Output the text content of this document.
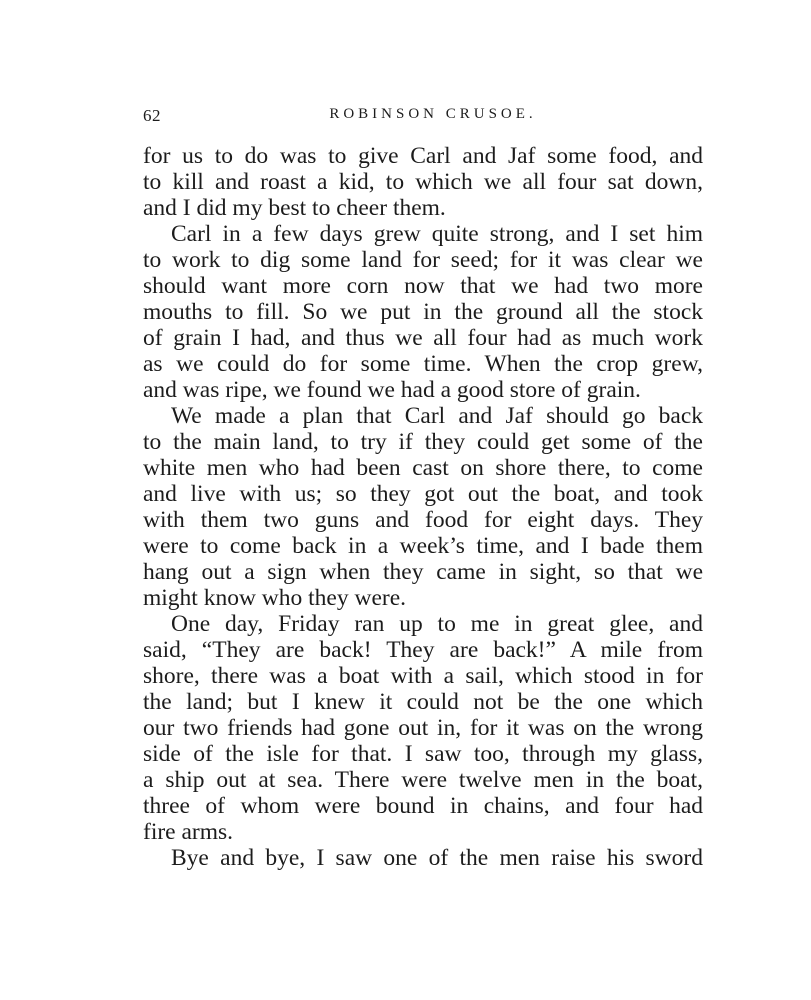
62	ROBINSON CRUSOE.
for us to do was to give Carl and Jaf some food, and
to kill and roast a kid, to which we all four sat down,
and I did my best to cheer them.
Carl in a few days grew quite strong, and I set him
to work to dig some land for seed; for it was clear we
should want more corn now that we had two more
mouths to fill. So we put in the ground all the stock
of grain I had, and thus we all four had as much work
as we could do for some time. When the crop grew,
and was ripe, we found we had a good store of grain.
We made a plan that Carl and Jaf should go back
to the main land, to try if they could get some of the
white men who had been cast on shore there, to come
and live with us; so they got out the boat, and took
with them two guns and food for eight days. They
were to come back in a week’s time, and I bade them
hang out a sign when they came in sight, so that we
might know who they were.
One day, Friday ran up to me in great glee, and
said, “They are back! They are back!” A mile from
shore, there was a boat with a sail, which stood in for
the land; but I knew it could not be the one which
our two friends had gone out in, for it was on the wrong
side of the isle for that. I saw too, through my glass,
a ship out at sea. There were twelve men in the boat,
three of whom were bound in chains, and four had
fire arms.
Bye and bye, I saw one of the men raise his sword
